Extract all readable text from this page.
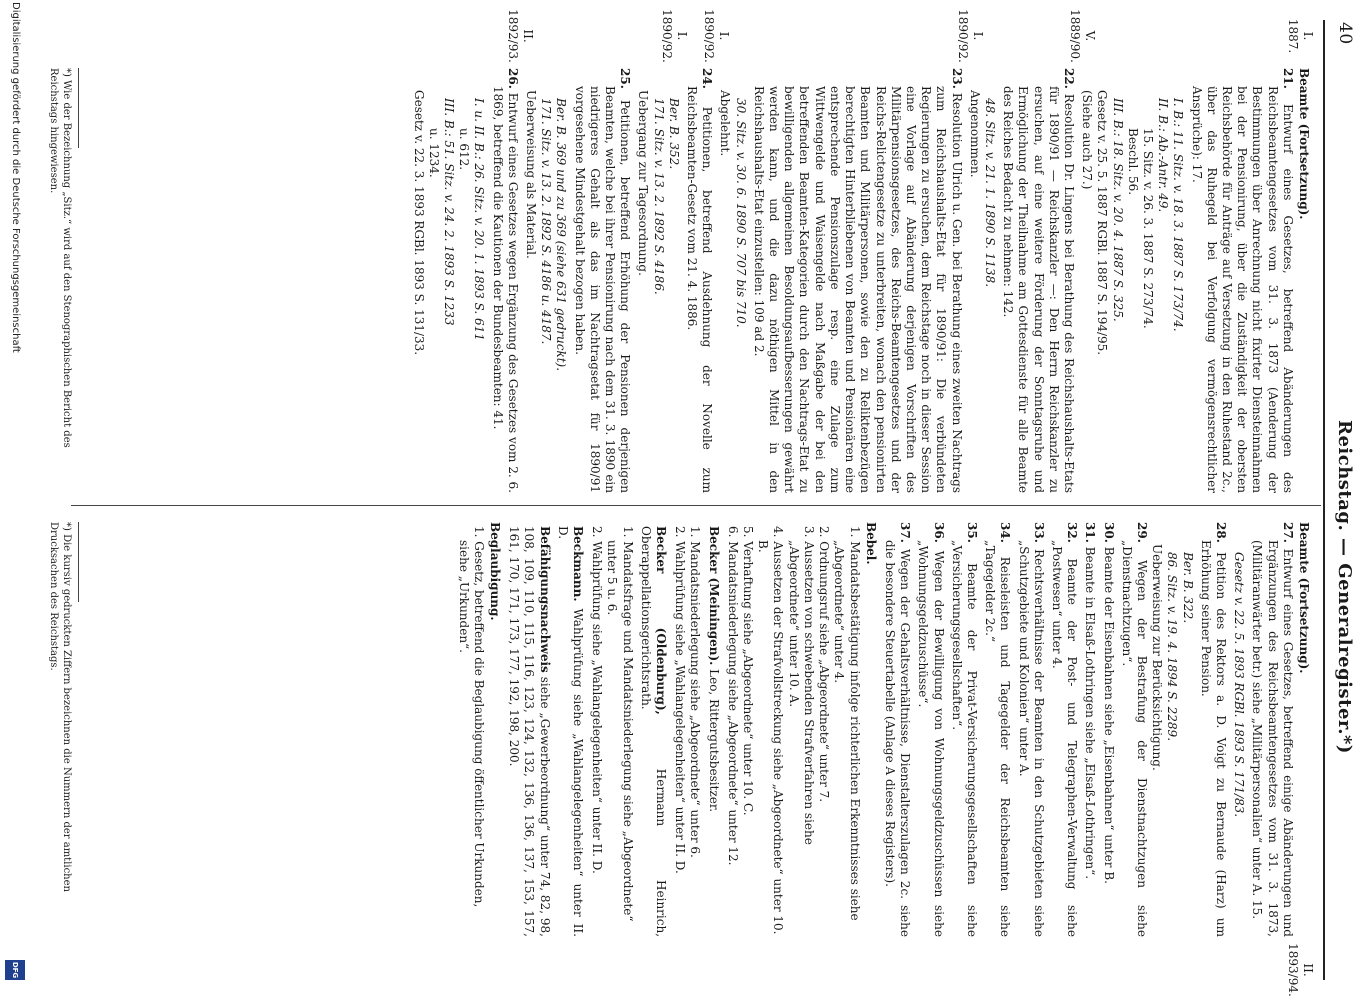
40
Reichstag. — Generalregister.*)
I.
1887.
V.
1889/90.
I.
1890/92.
I.
1890/92.
I.
1890/92.
II.
1892/93.
Beamte (Fortsetzung).
21. Entwurf eines Gesetzes, betreffend Abänderungen des Reichsbeamtengesetzes vom 31. 3. 1873 (Aenderung der Bestimmungen über Anrechnung nicht fixirter Diensteinnahmen bei der Pensionirung, über die Zuständigkeit der obersten Reichsbehörde für Anträge auf Versetzung in den Ruhestand 2c., über das Ruhegeld bei Verfolgung vermögensrechtlicher Ansprüche): 17.
I. B.: 11. Sitz. v. 18. 3. 1887 S. 173/74.
II. B.: Ab.-Antr. 49.
15. Sitz. v. 26. 3. 1887 S. 273/74.
Beschl. 56.
III. B.: 18. Sitz. v. 20. 4. 1887 S. 325.
Gesetz v. 25. 5. 1887 RGBl. 1887 S. 194/95.
(Siehe auch 27.)
22. Resolution Dr. Lingens bei Berathung des Reichshaushalts-Etats für 1890/91 — Reichskanzler —: Den Herrn Reichskanzler zu ersuchen, auf eine weitere Förderung der Sonntagsruhe und Ermöglichung der Theilnahme am Gottesdienste für alle Beamte des Reiches Bedacht zu nehmen: 142.
48. Sitz. v. 21. 1. 1890 S. 1138.
Angenommen.
23. Resolution Ulrich u. Gen. bei Berathung eines zweiten Nachtrags zum Reichshaushalts-Etat für 1890/91: Die verbündeten Regierungen zu ersuchen, dem Reichstage noch in dieser Session eine Vorlage auf Abänderung derjenigen Vorschriften des Militärpensionsgesetzes, des Reichs-Beamtengesetzes und der Reichs-Relictengesetze zu unterbreiten, wonach den pensionirten Beamten und Militärpersonen, sowie den zu Reliktenbezügen berechtigten Hinterbliebenen von Beamten und Pensionären eine entsprechende Pensionszulage resp. eine Zulage zum Wittwengelde und Waisengelde nach Maßgabe der bei den betreffenden Beamten-Kategorien durch den Nachtrags-Etat zu bewilligenden allgemeinen Besoldungsaufbesserungen gewährt werden kann, und die dazu nöthigen Mittel in den Reichshaushalts-Etat einzustellen: 109 ad 2.
30. Sitz. v. 30. 6. 1890 S. 707 bis 710.
Abgelehnt.
24. Petitionen, betreffend Ausdehnung der Novelle zum Reichsbeamten-Gesetz vom 21. 4. 1886.
Ber. B. 352.
171. Sitz. v. 13. 2. 1892 S. 4186.
Uebergang zur Tagesordnung.
25. Petitionen, betreffend Erhöhung der Pensionen derjenigen Beamten, welche bei ihrer Pensionirung nach dem 31. 3. 1890 ein niedrigeres Gehalt als das im Nachtragsetat für 1890/91 vorgesehene Mindestgehalt bezogen haben.
Ber. B. 369 und zu 369 (siehe 631 gedruckt).
171. Sitz. v. 13. 2. 1892 S. 4186 u. 4187.
Ueberweisung als Material.
26. Entwurf eines Gesetzes wegen Ergänzung des Gesetzes vom 2. 6. 1869, betreffend die Kautionen der Bundesbeamten: 41.
I. u. II. B.: 26. Sitz. v. 20. 1. 1893 S. 611
u. 612.
III. B.: 51. Sitz. v. 24. 2. 1893 S. 1233
u. 1234.
Gesetz v. 22. 3. 1893 RGBl. 1893 S. 131/33.
Beamte (Fortsetzung).
27. Entwurf eines Gesetzes, betreffend einige Abänderungen und Ergänzungen des Reichsbeamtengesetzes vom 31. 3. 1873, (Militäranwärter betr.) siehe „Militärpersonalien“ unter A. 15.
Gesetz v. 22. 5. 1893 RGBl. 1893 S. 171/83.
28. Petition des Rektors a. D. Voigt zu Bernaude (Harz) um Erhöhung seiner Pension.
Ber. B. 322.
86. Sitz. v. 19. 4. 1894 S. 2289.
Ueberweisung zur Berücksichtigung.
29. Wegen der Bestrafung der Dienstnachtzugen siehe „Dienstnachtzugen“.
30. Beamte der Eisenbahnen siehe „Eisenbahnen“ unter B.
31. Beamte in Elsaß-Lothringen siehe „Elsaß-Lothringen“.
32. Beamte der Post- und Telegraphen-Verwaltung siehe „Postwesen“ unter 4.
33. Rechtsverhältnisse der Beamten in den Schutzgebieten siehe „Schutzgebiete und Kolonien“ unter A.
34. Reiseleisten und Tagegelder der Reichsbeamten siehe „Tagegelder 2c.“
35. Beamte der Privat-Versicherungsgesellschaften siehe „Versicherungsgesellschaften“.
36. Wegen der Bewilligung von Wohnungsgeldzuschüssen siehe „Wohnungsgeldzuschüsse“.
37. Wegen der Gehaltsverhältnisse, Dienstalterszulagen 2c. siehe die besondere Steuertabelle (Anlage A dieses Registers).
Bebel.
1. Mandatsbestätigung infolge richterlichen Erkenntnisses siehe „Abgeordnete“ unter 4.
2. Ordnungsruf siehe „Abgeordnete“ unter 7.
3. Aussetzen von schwebenden Strafverfahren siehe „Abgeordnete“ unter 10. A.
4. Aussetzen der Strafvollstreckung siehe „Abgeordnete“ unter 10. B.
5. Verhaftung siehe „Abgeordnete“ unter 10. C.
6. Mandatsniederlegung siehe „Abgeordnete“ unter 12.
Becker (Meiningen). Leo, Rittergutsbesitzer.
1. Mandatsniederlegung siehe „Abgeordnete“ unter 6.
2. Wahlprüfung siehe „Wahlangelegenheiten“ unter II. D.
Becker (Oldenburg), Hermann Heinrich, Oberappellationsgerichtsrath.
1. Mandatsfrage und Mandatsniederlegung siehe „Abgeordnete“ unter 5 u. 6.
2. Wahlprüfung siehe „Wahlangelegenheiten“ unter II. D.
Beckmann. Wahlprüfung siehe „Wahlangelegenheiten“ unter II. D.
Befähigungsnachweis siehe „Gewerbeordnung“ unter 74, 82, 98, 108, 109, 110, 115, 116, 123, 124, 132, 136, 136, 137, 153, 157, 161, 170, 171, 173, 177, 192, 198, 200.
Beglaubigung.
1. Gesetz, betreffend die Beglaubigung öffentlicher Urkunden, siehe „Urkunden“.
II.
1893/94.
*) Wie der Bezeichnung „Sitz.“ wird auf den Stenographischen Bericht des Reichstags hingewiesen.
*) Die kursiv gedruckten Ziffern bezeichnen die Nummern der amtlichen Drucksachen des Reichstags.
Digitalisierung gefördert durch die Deutsche Forschungsgemeinschaft
DFG
